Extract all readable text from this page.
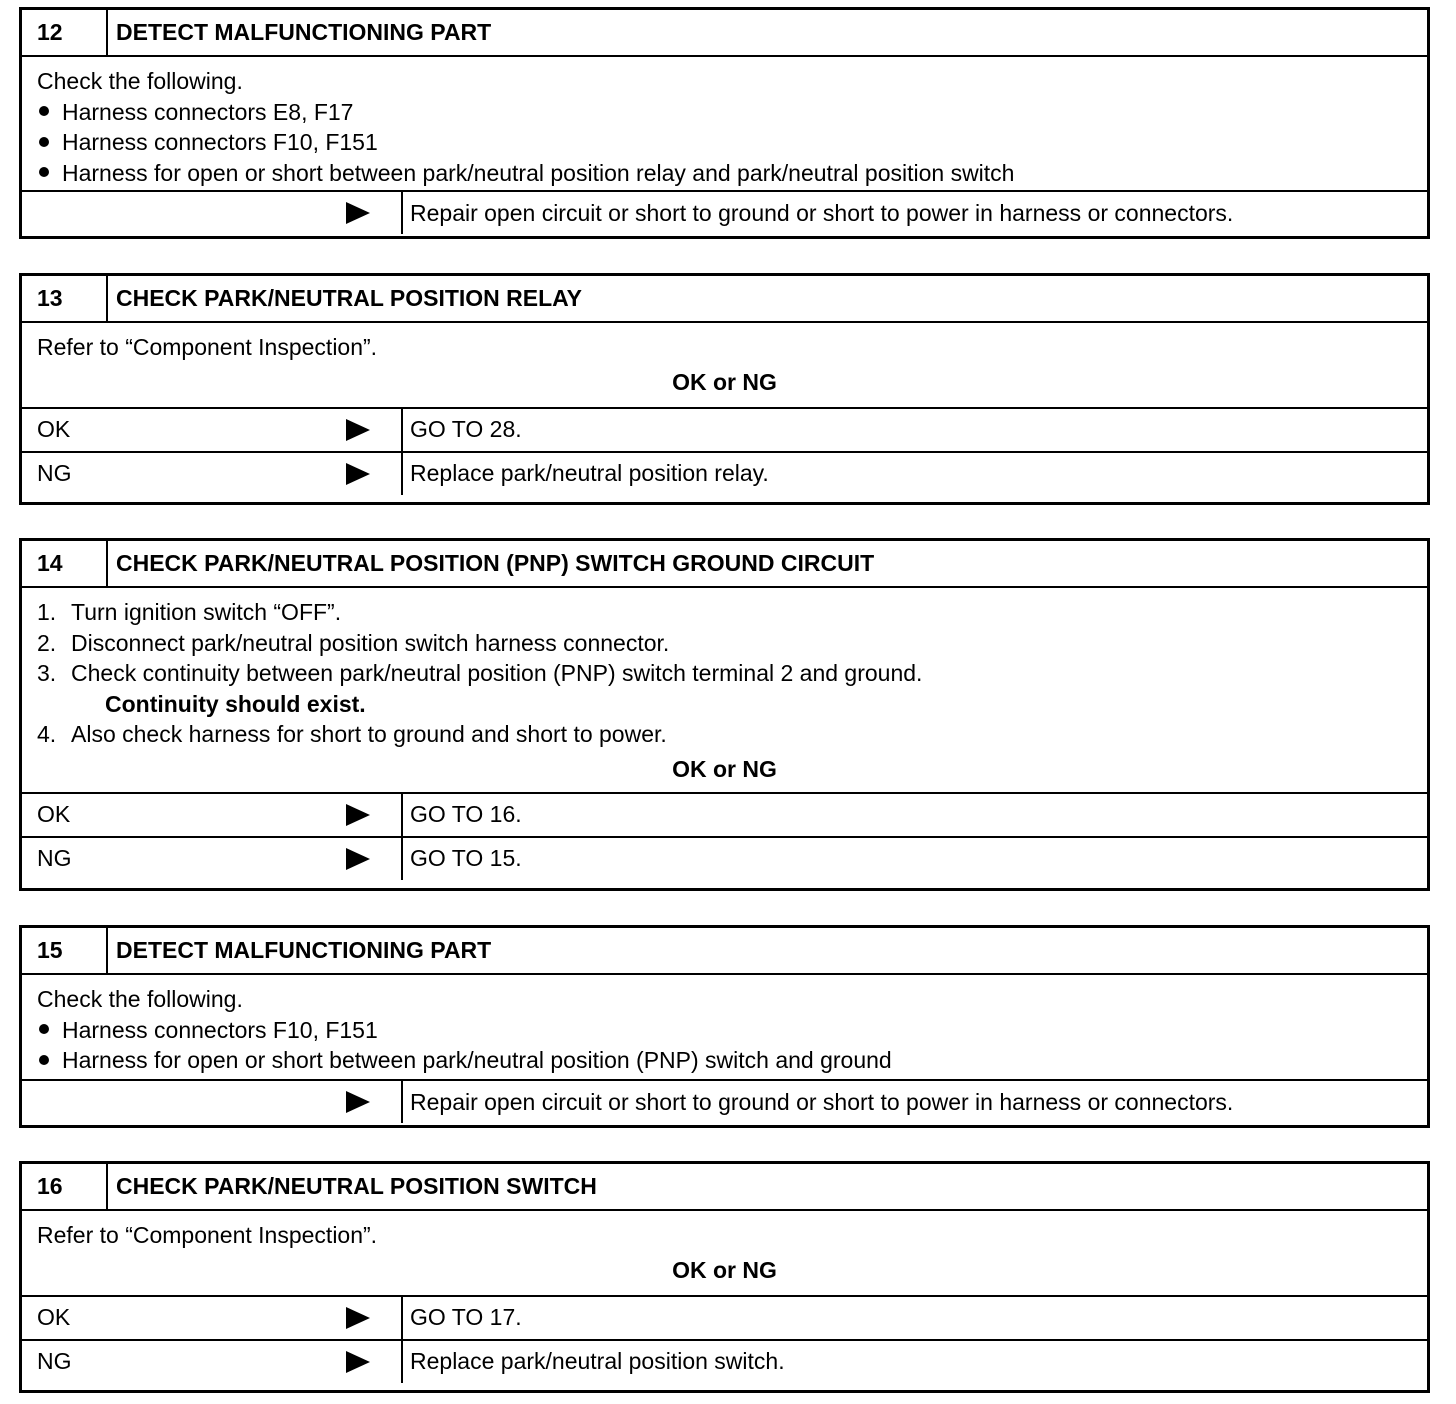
12	DETECT MALFUNCTIONING PART
Check the following.
Harness connectors E8, F17
Harness connectors F10, F151
Harness for open or short between park/neutral position relay and park/neutral position switch
Repair open circuit or short to ground or short to power in harness or connectors.
13	CHECK PARK/NEUTRAL POSITION RELAY
Refer to “Component Inspection”.
OK or NG
OK	GO TO 28.
NG	Replace park/neutral position relay.
14	CHECK PARK/NEUTRAL POSITION (PNP) SWITCH GROUND CIRCUIT
1. Turn ignition switch “OFF”.
2. Disconnect park/neutral position switch harness connector.
3. Check continuity between park/neutral position (PNP) switch terminal 2 and ground.
Continuity should exist.
4. Also check harness for short to ground and short to power.
OK or NG
OK	GO TO 16.
NG	GO TO 15.
15	DETECT MALFUNCTIONING PART
Check the following.
Harness connectors F10, F151
Harness for open or short between park/neutral position (PNP) switch and ground
Repair open circuit or short to ground or short to power in harness or connectors.
16	CHECK PARK/NEUTRAL POSITION SWITCH
Refer to “Component Inspection”.
OK or NG
OK	GO TO 17.
NG	Replace park/neutral position switch.
